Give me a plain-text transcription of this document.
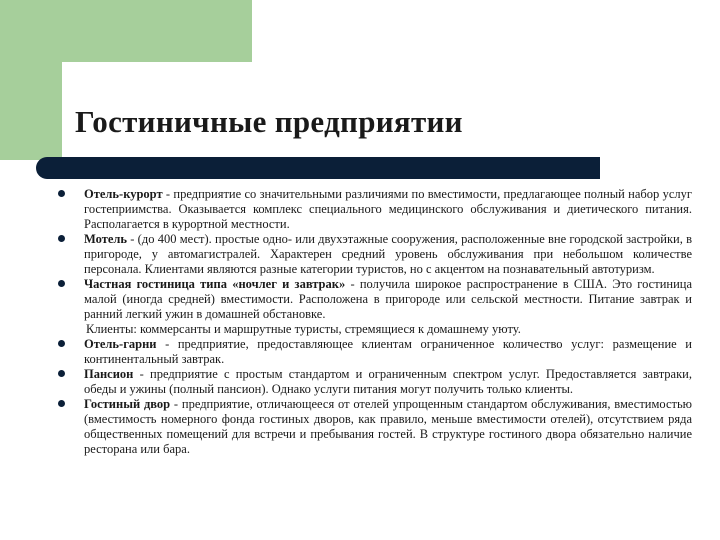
Гостиничные предприятии
Отель-курорт - предприятие со значительными различиями по вместимости, предлагающее полный набор услуг гостеприимства. Оказывается комплекс специального медицинского обслуживания и диетического питания. Располагается в курортной местности.
Мотель - (до 400 мест). простые одно- или двухэтажные сооружения, расположенные вне городской застройки, в пригороде, у автомагистралей. Характерен средний уровень обслуживания при небольшом количестве персонала. Клиентами являются разные категории туристов, но с акцентом на познавательный автотуризм.
Частная гостиница типа «ночлег и завтрак» - получила широкое распространение в США. Это гостиница малой (иногда средней) вместимости. Расположена в пригороде или сельской местности. Питание завтрак и ранний легкий ужин в домашней обстановке.
Клиенты: коммерсанты и маршрутные туристы, стремящиеся к домашнему уюту.
Отель-гарни - предприятие, предоставляющее клиентам ограниченное количество услуг: размещение и континентальный завтрак.
Пансион - предприятие с простым стандартом и ограниченным спектром услуг. Предоставляется завтраки, обеды и ужины (полный пансион). Однако услуги питания могут получить только клиенты.
Гостиный двор - предприятие, отличающееся от отелей упрощенным стандартом обслуживания, вместимостью (вместимость номерного фонда гостиных дворов, как правило, меньше вместимости отелей), отсутствием ряда общественных помещений для встречи и пребывания гостей. В структуре гостиного двора обязательно наличие ресторана или бара.
